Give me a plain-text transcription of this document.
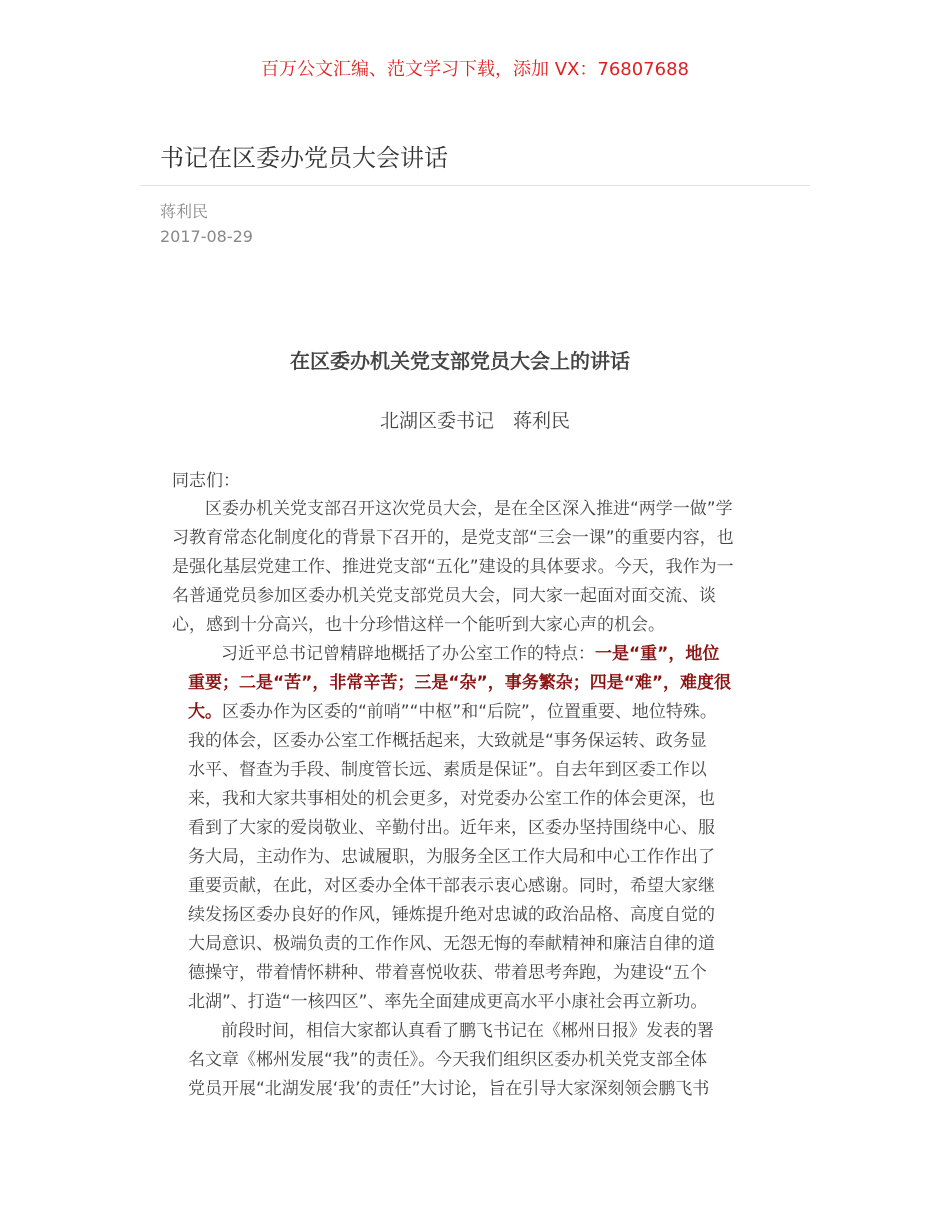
百万公文汇编、范文学习下载，添加 VX：76807688
书记在区委办党员大会讲话
蒋利民
2017-08-29
在区委办机关党支部党员大会上的讲话
北湖区委书记　蒋利民
同志们：
区委办机关党支部召开这次党员大会，是在全区深入推进“两学一做”学
习教育常态化制度化的背景下召开的，是党支部“三会一课”的重要内容，也
是强化基层党建工作、推进党支部“五化”建设的具体要求。今天，我作为一
名普通党员参加区委办机关党支部党员大会，同大家一起面对面交流、谈
心，感到十分高兴，也十分珍惜这样一个能听到大家心声的机会。
习近平总书记曾精辟地概括了办公室工作的特点：一是“重”，地位
重要；二是“苦”，非常辛苦；三是“杂”，事务繁杂；四是“难”，难度很
大。区委办作为区委的“前哨”“中枢”和“后院”，位置重要、地位特殊。
我的体会，区委办公室工作概括起来，大致就是“事务保运转、政务显
水平、督查为手段、制度管长远、素质是保证”。自去年到区委工作以
来，我和大家共事相处的机会更多，对党委办公室工作的体会更深，也
看到了大家的爱岗敬业、辛勤付出。近年来，区委办坚持围绕中心、服
务大局，主动作为、忠诚履职，为服务全区工作大局和中心工作作出了
重要贡献，在此，对区委办全体干部表示衷心感谢。同时，希望大家继
续发扬区委办良好的作风，锤炼提升绝对忠诚的政治品格、高度自觉的
大局意识、极端负责的工作作风、无怨无悔的奉献精神和廉洁自律的道
德操守，带着情怀耕种、带着喜悦收获、带着思考奔跑，为建设“五个
北湖”、打造“一核四区”、率先全面建成更高水平小康社会再立新功。
前段时间，相信大家都认真看了鹏飞书记在《郴州日报》发表的署
名文章《郴州发展“我”的责任》。今天我们组织区委办机关党支部全体
党员开展“北湖发展‘我’的责任”大讨论，旨在引导大家深刻领会鹏飞书
